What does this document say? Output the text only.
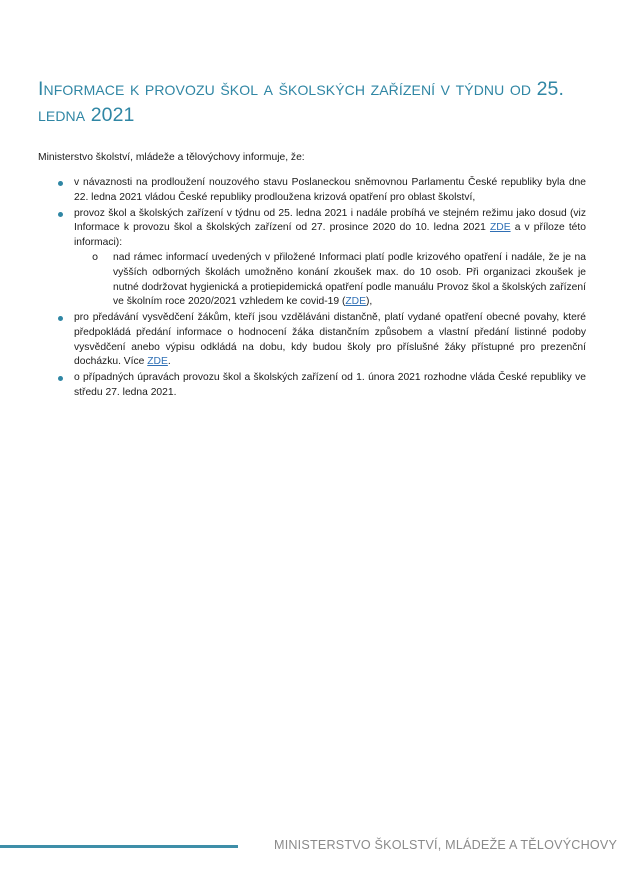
Informace k provozu škol a školských zařízení v týdnu od 25. ledna 2021

Ministerstvo školství, mládeže a tělovýchovy informuje, že:

v návaznosti na prodloužení nouzového stavu Poslaneckou sněmovnou Parlamentu České republiky byla dne 22. ledna 2021 vládou České republiky prodloužena krizová opatření pro oblast školství,
provoz škol a školských zařízení v týdnu od 25. ledna 2021 i nadále probíhá ve stejném režimu jako dosud (viz Informace k provozu škol a školských zařízení od 27. prosince 2020 do 10. ledna 2021 ZDE a v příloze této informaci):
o nad rámec informací uvedených v přiložené Informaci platí podle krizového opatření i nadále, že je na vyšších odborných školách umožněno konání zkoušek max. do 10 osob. Při organizaci zkoušek je nutné dodržovat hygienická a protiepidemická opatření podle manuálu Provoz škol a školských zařízení ve školním roce 2020/2021 vzhledem ke covid-19 (ZDE),
pro předávání vysvědčení žákům, kteří jsou vzděláváni distančně, platí vydané opatření obecné povahy, které předpokládá předání informace o hodnocení žáka distančním způsobem a vlastní předání listinné podoby vysvědčení anebo výpisu odkládá na dobu, kdy budou školy pro příslušné žáky přístupné pro prezenční docházku. Více ZDE.
o případných úpravách provozu škol a školských zařízení od 1. února 2021 rozhodne vláda České republiky ve středu 27. ledna 2021.
MINISTERSTVO ŠKOLSTVÍ, MLÁDEŽE A TĚLOVÝCHOVY
